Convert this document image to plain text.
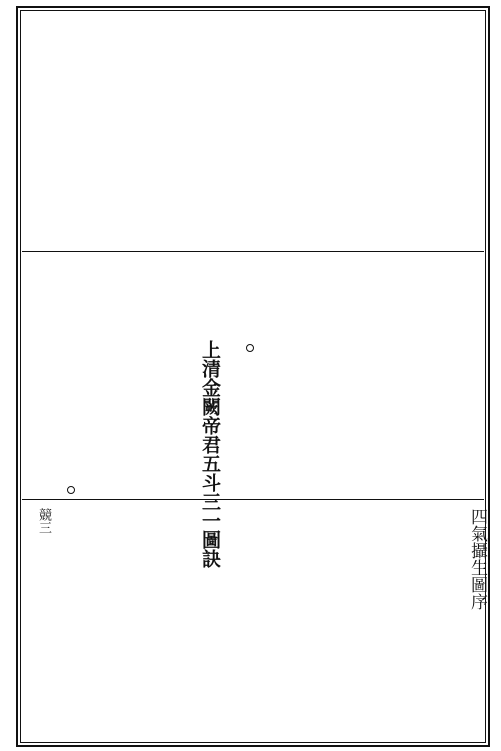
上清金闕帝君五斗三一圖訣	四氣攝生圖序
競三
